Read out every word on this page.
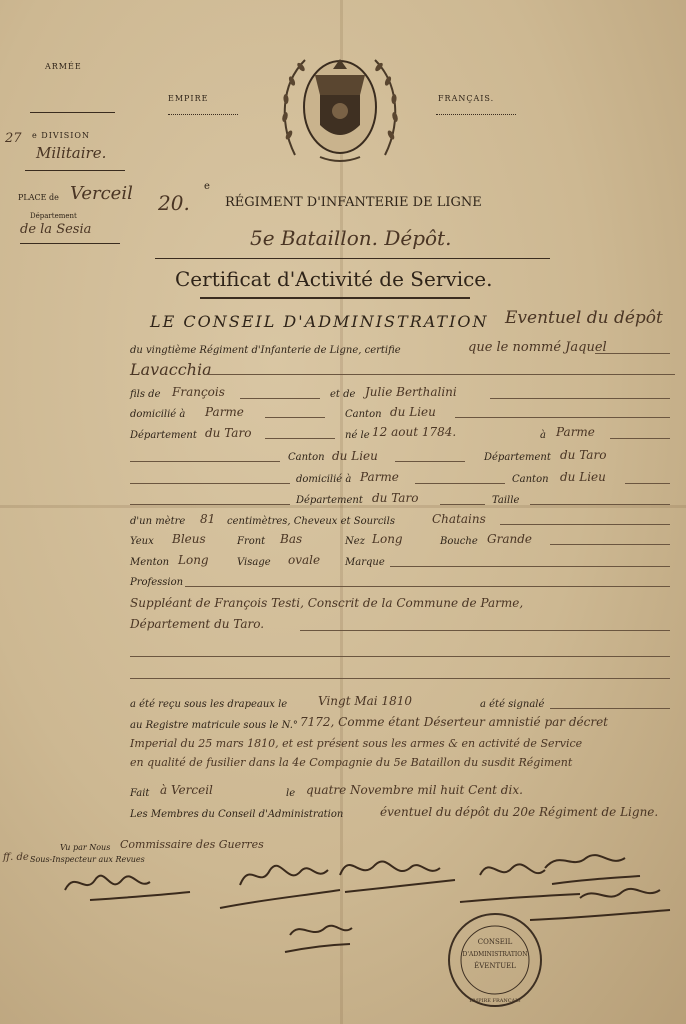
ARMÉE
EMPIRE	FRANÇAIS.
27 e DIVISION
Militaire.
PLACE de Verceil
Département
de la Sesia
20.
e
RÉGIMENT D'INFANTERIE DE LIGNE
5e Bataillon. Dépôt.
Certificat d'Activité de Service.
LE CONSEIL D'ADMINISTRATION Eventuel du dépôt
du vingtième Régiment d'Infanterie de Ligne, certifie	que le nommé Jaquel
Lavacchia
fils de François	et de Julie Berthalini
domicilié à Parme	Canton du Lieu
Département du Taro	né le 12 aout 1784.	à Parme
Canton du Lieu	Département du Taro
domicilié à Parme	Canton du Lieu
Département du Taro	Taille
d'un mètre 81 centimètres, Cheveux et Sourcils	Chatains
Yeux Bleus	Front Bas	Nez Long	Bouche Grande
Menton Long	Visage ovale Marque
Profession
Suppléant de François Testi, Conscrit de la Commune de Parme,
Département du Taro.
a été reçu sous les drapeaux le	Vingt Mai 1810	a été signalé
au Registre matricule sous le N.° 7172, Comme étant Déserteur amnistié par décret
Imperial du 25 mars 1810, et est présent sous les armes & en activité de Service
en qualité de fusilier dans la 4e Compagnie du 5e Bataillon du susdit Régiment
Fait à Verceil	le quatre Novembre mil huit Cent dix.
Les Membres du Conseil d'Administration	éventuel du dépôt du 20e Régiment de Ligne.
Vu par Nous Commissaire des Guerres
ff. de Sous-Inspecteur aux Revues
CONSEIL
D'ADMINISTRATION
ÉVENTUEL
EMPIRE FRANÇAIS
